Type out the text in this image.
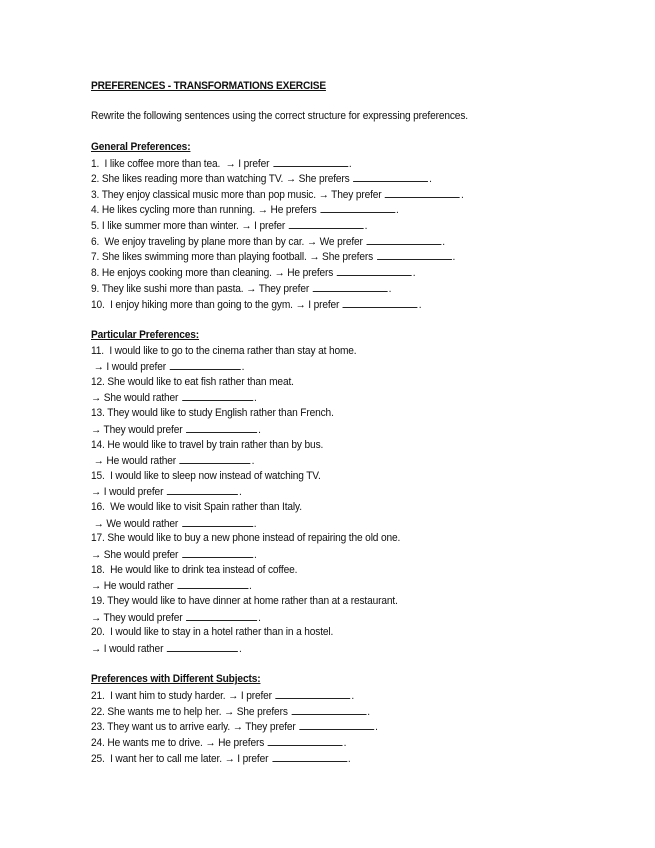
PREFERENCES - TRANSFORMATIONS EXERCISE
Rewrite the following sentences using the correct structure for expressing preferences.
General Preferences:
1.  I like coffee more than tea.  → I prefer	.
2. She likes reading more than watching TV. → She prefers	.
3. They enjoy classical music more than pop music. → They prefer	.
4. He likes cycling more than running. → He prefers	.
5. I like summer more than winter. → I prefer	.
6.  We enjoy traveling by plane more than by car. → We prefer	.
7. She likes swimming more than playing football. → She prefers	.
8. He enjoys cooking more than cleaning. → He prefers	.
9. They like sushi more than pasta. → They prefer	.
10.  I enjoy hiking more than going to the gym. → I prefer	.
Particular Preferences:
11.  I would like to go to the cinema rather than stay at home.
→ I would prefer	.
12. She would like to eat fish rather than meat.
→ She would rather	.
13. They would like to study English rather than French.
→ They would prefer	.
14. He would like to travel by train rather than by bus.
→ He would rather	.
15.  I would like to sleep now instead of watching TV.
→ I would prefer	.
16.  We would like to visit Spain rather than Italy.
→ We would rather	.
17. She would like to buy a new phone instead of repairing the old one.
→ She would prefer	.
18.  He would like to drink tea instead of coffee.
→ He would rather	.
19. They would like to have dinner at home rather than at a restaurant.
→ They would prefer	.
20.  I would like to stay in a hotel rather than in a hostel.
→ I would rather	.
Preferences with Different Subjects:
21.  I want him to study harder. → I prefer	.
22. She wants me to help her. → She prefers	.
23. They want us to arrive early. → They prefer	.
24. He wants me to drive. → He prefers	.
25.  I want her to call me later. → I prefer	.
